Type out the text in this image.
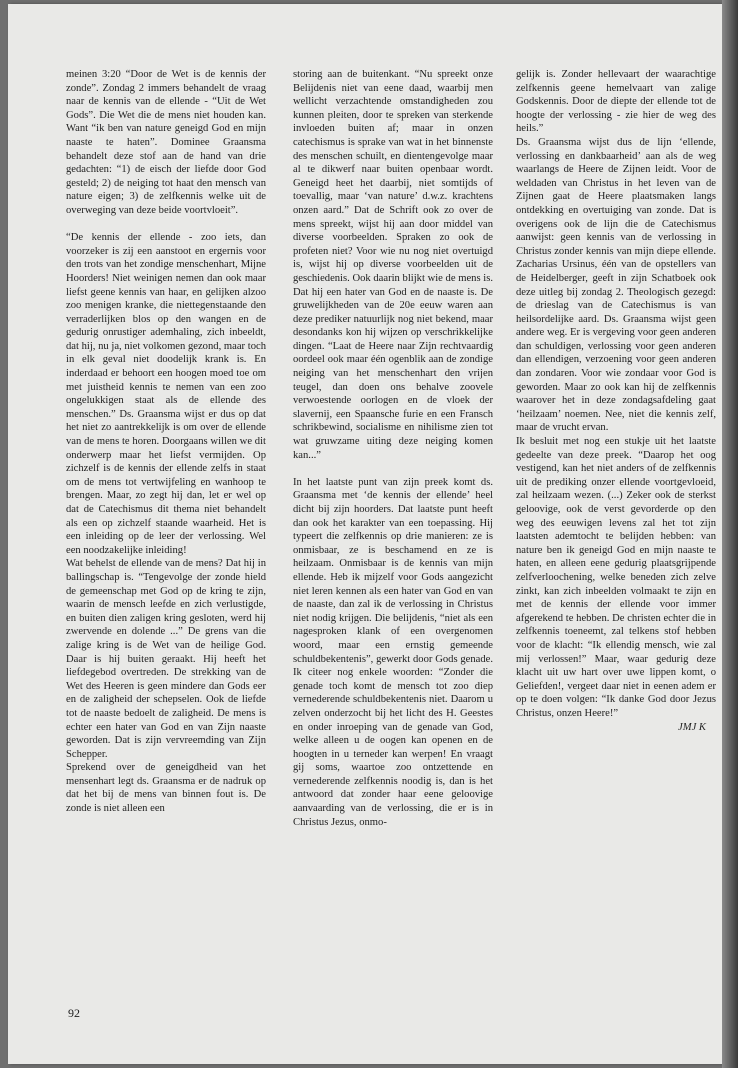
meinen 3:20 “Door de Wet is de kennis der zonde”. Zondag 2 immers behandelt de vraag naar de kennis van de ellende - “Uit de Wet Gods”. Die Wet die de mens niet houden kan. Want “ik ben van nature geneigd God en mijn naaste te haten”. Dominee Graansma behandelt deze stof aan de hand van drie gedachten: “1) de eisch der liefde door God gesteld; 2) de neiging tot haat den mensch van nature eigen; 3) de zelfkennis welke uit de overweging van deze beide voortvloeit”.

“De kennis der ellende - zoo iets, dan voorzeker is zij een aanstoot en ergernis voor den trots van het zondige menschenhart, Mijne Hoorders! Niet weinigen nemen dan ook maar liefst geene kennis van haar, en gelijken alzoo zoo menigen kranke, die niettegenstaande den verraderlijken blos op den wangen en de gedurig onrustiger ademhaling, zich inbeeldt, dat hij, nu ja, niet volkomen gezond, maar toch in elk geval niet doodelijk krank is. En inderdaad er behoort een hoogen moed toe om met juistheid kennis te nemen van een zoo ongelukkigen staat als de ellende des menschen.” Ds. Graansma wijst er dus op dat het niet zo aantrekkelijk is om over de ellende van de mens te horen. Doorgaans willen we dit onderwerp maar het liefst vermijden. Op zichzelf is de kennis der ellende zelfs in staat om de mens tot vertwijfeling en wanhoop te brengen. Maar, zo zegt hij dan, let er wel op dat de Catechismus dit thema niet behandelt als een op zichzelf staande waarheid. Het is een inleiding op de leer der verlossing. Wel een noodzakelijke inleiding!

Wat behelst de ellende van de mens? Dat hij in ballingschap is. “Tengevolge der zonde hield de gemeenschap met God op de kring te zijn, waarin de mensch leefde en zich verlustigde, en buiten dien zaligen kring gesloten, werd hij zwervende en dolende ...” De grens van die zalige kring is de Wet van de heilige God. Daar is hij buiten geraakt. Hij heeft het liefdegebod overtreden. De strekking van de Wet des Heeren is geen mindere dan Gods eer en de zaligheid der schepselen. Ook de liefde tot de naaste bedoelt de zaligheid. De mens is echter een hater van God en van Zijn naaste geworden. Dat is zijn vervreemding van Zijn Schepper.

Sprekend over de geneigdheid van het mensenhart legt ds. Graansma er de nadruk op dat het bij de mens van binnen fout is. De zonde is niet alleen een

storing aan de buitenkant. “Nu spreekt onze Belijdenis niet van eene daad, waarbij men wellicht verzachtende omstandigheden zou kunnen pleiten, door te spreken van sterkende invloeden buiten af; maar in onzen catechismus is sprake van wat in het binnenste des menschen schuilt, en dientengevolge maar al te dikwerf naar buiten openbaar wordt. Geneigd heet het daarbij, niet somtijds of toevallig, maar ‘van nature’ d.w.z. krachtens onzen aard.” Dat de Schrift ook zo over de mens spreekt, wijst hij aan door middel van diverse voorbeelden. Spraken zo ook de profeten niet? Voor wie nu nog niet overtuigd is, wijst hij op diverse voorbeelden uit de geschiedenis. Ook daarin blijkt wie de mens is. Dat hij een hater van God en de naaste is. De gruwelijkheden van de 20e eeuw waren aan deze prediker natuurlijk nog niet bekend, maar desondanks kon hij wijzen op verschrikkelijke dingen. “Laat de Heere naar Zijn rechtvaardig oordeel ook maar één ogenblik aan de zondige neiging van het menschenhart den vrijen teugel, dan doen ons behalve zoovele verwoestende oorlogen en de vloek der slavernij, een Spaansche furie en een Fransch schrikbewind, socialisme en nihilisme zien tot wat gruwzame uiting deze neiging komen kan...”

In het laatste punt van zijn preek komt ds. Graansma met ‘de kennis der ellende’ heel dicht bij zijn hoorders. Dat laatste punt heeft dan ook het karakter van een toepassing. Hij typeert die zelfkennis op drie manieren: ze is onmisbaar, ze is beschamend en ze is heilzaam. Onmisbaar is de kennis van mijn ellende. Heb ik mijzelf voor Gods aangezicht niet leren kennen als een hater van God en van de naaste, dan zal ik de verlossing in Christus niet nodig krijgen. Die belijdenis, “niet als een nagesproken klank of een overgenomen woord, maar een ernstig gemeende schuldbekentenis”, gewerkt door Gods genade. Ik citeer nog enkele woorden: “Zonder die genade toch komt de mensch tot zoo diep vernederende schuldbekentenis niet. Daarom u zelven onderzocht bij het licht des H. Geestes en onder inroeping van de genade van God, welke alleen u de oogen kan openen en de hoogten in u terneder kan werpen! En vraagt gij soms, waartoe zoo ontzettende en vernederende zelfkennis noodig is, dan is het antwoord dat zonder haar eene geloovige aanvaarding van de verlossing, die er is in Christus Jezus, onmo-

gelijk is. Zonder hellevaart der waarachtige zelfkennis geene hemelvaart van zalige Godskennis. Door de diepte der ellende tot de hoogte der verlossing - zie hier de weg des heils.”

Ds. Graansma wijst dus de lijn ‘ellende, verlossing en dankbaarheid’ aan als de weg waarlangs de Heere de Zijnen leidt. Voor de weldaden van Christus in het leven van de Zijnen gaat de Heere plaatsmaken langs ontdekking en overtuiging van zonde. Dat is overigens ook de lijn die de Catechismus aanwijst: geen kennis van de verlossing in Christus zonder kennis van mijn diepe ellende. Zacharias Ursinus, één van de opstellers van de Heidelberger, geeft in zijn Schatboek ook deze uitleg bij zondag 2. Theologisch gezegd: de drieslag van de Catechismus is van heilsordelijke aard. Ds. Graansma wijst geen andere weg. Er is vergeving voor geen anderen dan schuldigen, verlossing voor geen anderen dan ellendigen, verzoening voor geen anderen dan zondaren. Voor wie zondaar voor God is geworden. Maar zo ook kan hij de zelfkennis waarover het in deze zondagsafdeling gaat ‘heilzaam’ noemen. Nee, niet die kennis zelf, maar de vrucht ervan.

Ik besluit met nog een stukje uit het laatste gedeelte van deze preek. “Daarop het oog vestigend, kan het niet anders of de zelfkennis uit de prediking onzer ellende voortgevloeid, zal heilzaam wezen. (...) Zeker ook de sterkst geloovige, ook de verst gevorderde op den weg des eeuwigen levens zal het tot zijn laatsten ademtocht te belijden hebben: van nature ben ik geneigd God en mijn naaste te haten, en alleen eene gedurig plaatsgrijpende zelfverloochening, welke beneden zich zelve zinkt, kan zich inbeelden volmaakt te zijn en met de kennis der ellende voor immer afgerekend te hebben. De christen echter die in zelfkennis toeneemt, zal telkens stof hebben voor de klacht: “Ik ellendig mensch, wie zal mij verlossen!” Maar, waar gedurig deze klacht uit uw hart over uwe lippen komt, o Geliefden!, vergeet daar niet in eenen adem er op te doen volgen: “Ik danke God door Jezus Christus, onzen Heere!”

JMJ K

92
